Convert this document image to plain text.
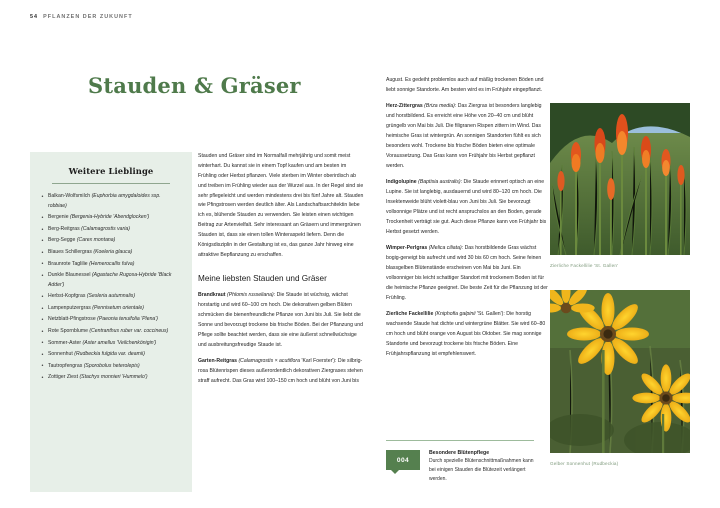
54 PFLANZEN DER ZUKUNFT
Stauden & Gräser
Weitere Lieblinge
• Balkan-Wolfsmilch (Euphorbia amygdaloides ssp. robbiae)
• Bergenie (Bergenia-Hybride 'Abendglocken')
• Berg-Reitgras (Calamagrostis varia)
• Berg-Segge (Carex montana)
• Blaues Schillergras (Koeleria glauca)
• Braunrote Taglilie (Hemerocallis fulva)
• Dunkle Blaunessel (Agastache Rugosa-Hybride 'Black Adder')
• Herbst-Kopfgras (Sesleria autumnalis)
• Lampenputzergras (Pennisetum orientale)
• Netzblatt-Pfingstrose (Paeonia tenuifolia 'Plena')
• Rote Spornblume (Centranthus ruber var. coccineus)
• Sommer-Aster (Aster amellus 'Veilchenkönigin')
• Sonnenhut (Rudbeckia fulgida var. deamii)
• Tautropfengras (Sporobolus heterolepis)
• Zottiger Ziest (Stachys monnieri 'Hummelo')

Stauden und Gräser sind im Normalfall mehrjährig und somit meist winterhart. Du kannst sie in einem Topf kaufen und am besten im Frühling oder Herbst pflanzen. Viele sterben im Winter oberirdisch ab und treiben im Frühling wieder aus der Wurzel aus. In der Regel sind sie sehr pflegeleicht und werden mindestens drei bis fünf Jahre alt. Stauden wie Pfingstrosen werden deutlich älter. Als Landschaftsarchitektin liebe ich es, blühende Stauden zu verwenden. Sie leisten einen wichtigen Beitrag zur Artenvielfalt. Sehr interessant an Gräsern und immergrünen Stauden ist, dass sie einen tollen Winteraspekt liefern. Denn die Königsdisziplin in der Gestaltung ist es, das ganze Jahr hinweg eine attraktive Bepflanzung zu erschaffen.

Meine liebsten Stauden und Gräser

Brandkraut (Phlomis russeliana): Die Staude ist wüchsig, wächst horstartig und wird 60–100 cm hoch. Die dekorativen gelben Blüten schmücken die bienenfreundliche Pflanze von Juni bis Juli. Sie liebt die Sonne und bevorzugt trockene bis frische Böden. Bei der Pflanzung und Pflege sollte beachtet werden, dass sie eine äußerst schnellwüchsige und ausbreitungsfreudige Staude ist.

Garten-Reitgras (Calamagrostis × acutiflora 'Karl Foerster'): Die silbrig-rosa Blütenrispen dieses außerordentlich dekorativen Ziergrases stehen straff aufrecht. Das Gras wird 100–150 cm hoch und blüht von Juni bis

August. Es gedeiht problemlos auch auf mäßig trockenen Böden und liebt sonnige Standorte. Am besten wird es im Frühjahr eingepflanzt.

Herz-Zittergras (Briza media): Das Ziergras ist besonders langlebig und horstbildend. Es erreicht eine Höhe von 20–40 cm und blüht grüngelb von Mai bis Juli. Die filigranen Rispen zittern im Wind. Das heimische Gras ist wintergrün. An sonnigen Standorten fühlt es sich besonders wohl. Trockene bis frische Böden bieten eine optimale Voraussetzung. Das Gras kann von Frühjahr bis Herbst gepflanzt werden.

Indigolupine (Baptisia australis): Die Staude erinnert optisch an eine Lupine. Sie ist langlebig, ausdauernd und wird 80–120 cm hoch. Die Insektenweide blüht violett-blau von Juni bis Juli. Sie bevorzugt vollsonnige Plätze und ist recht anspruchslos an den Boden, gerade Trockenheit verträgt sie gut. Auch diese Pflanze kann von Frühjahr bis Herbst gesetzt werden.

Wimper-Perlgras (Melica ciliata): Das horstbildende Gras wächst bogig-geneigt bis aufrecht und wird 30 bis 60 cm hoch. Seine feinen blassgelben Blütenstände erscheinen von Mai bis Juni. Ein vollsonniger bis leicht schattiger Standort mit trockenem Boden ist für die heimische Pflanze geeignet. Die beste Zeit für die Pflanzung ist der Frühling.

Zierliche Fackellilie (Kniphofia galpinii 'St. Gallen'): Die horstig wachsende Staude hat dichte und wintergrüne Blätter. Sie wird 60–80 cm hoch und blüht orange von August bis Oktober. Sie mag sonnige Standorte und bevorzugt trockene bis frische Böden. Eine Frühjahrspflanzung ist empfehlenswert.

Zierliche Fackellilie 'St. Gallen'
Gelber Sonnenhut (Rudbeckia)
004
Besondere Blütenpflege
Durch spezielle Blütenschnittmaßnahmen kann bei einigen Stauden die Blütezeit verlängert werden.
